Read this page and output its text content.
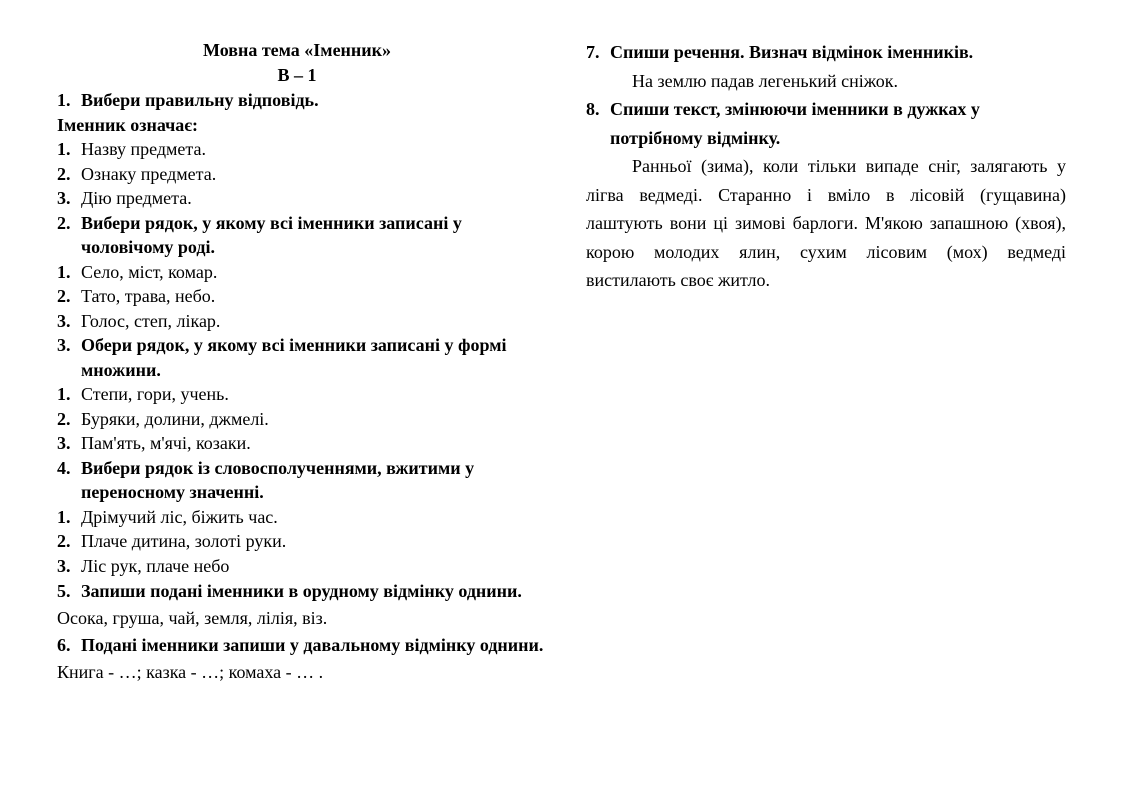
Мовна тема «Іменник»
В – 1
1. Вибери правильну відповідь.
Іменник означає:
1. Назву предмета.
2. Ознаку предмета.
3. Дію предмета.
2. Вибери рядок, у якому всі іменники записані у чоловічому роді.
1. Село, міст, комар.
2. Тато, трава, небо.
3. Голос, степ, лікар.
3. Обери рядок, у якому всі іменники записані у формі множини.
1. Степи, гори, учень.
2. Буряки, долини, джмелі.
3. Пам'ять, м'ячі, козаки.
4. Вибери рядок із словосполученнями, вжитими у переносному значенні.
1. Дрімучий ліс, біжить час.
2. Плаче дитина, золоті руки.
3. Ліс рук, плаче небо
5. Запиши подані іменники в орудному відмінку однини.
Осока, груша, чай, земля, лілія, віз.
6. Подані іменники запиши у давальному відмінку однини.
Книга - …; казка - …; комаха - … .
7. Спиши речення. Визнач відмінок іменників.
На землю падав легенький сніжок.
8. Спиши текст, змінюючи іменники в дужках у потрібному відмінку.
Ранньої (зима), коли тільки випаде сніг, залягають у лігва ведмеді. Старанно і вміло в лісовій (гущавина) лаштують вони ці зимові барлоги. М'якою запашною (хвоя), корою молодих ялин, сухим лісовим (мох) ведмеді вистилають своє житло.
